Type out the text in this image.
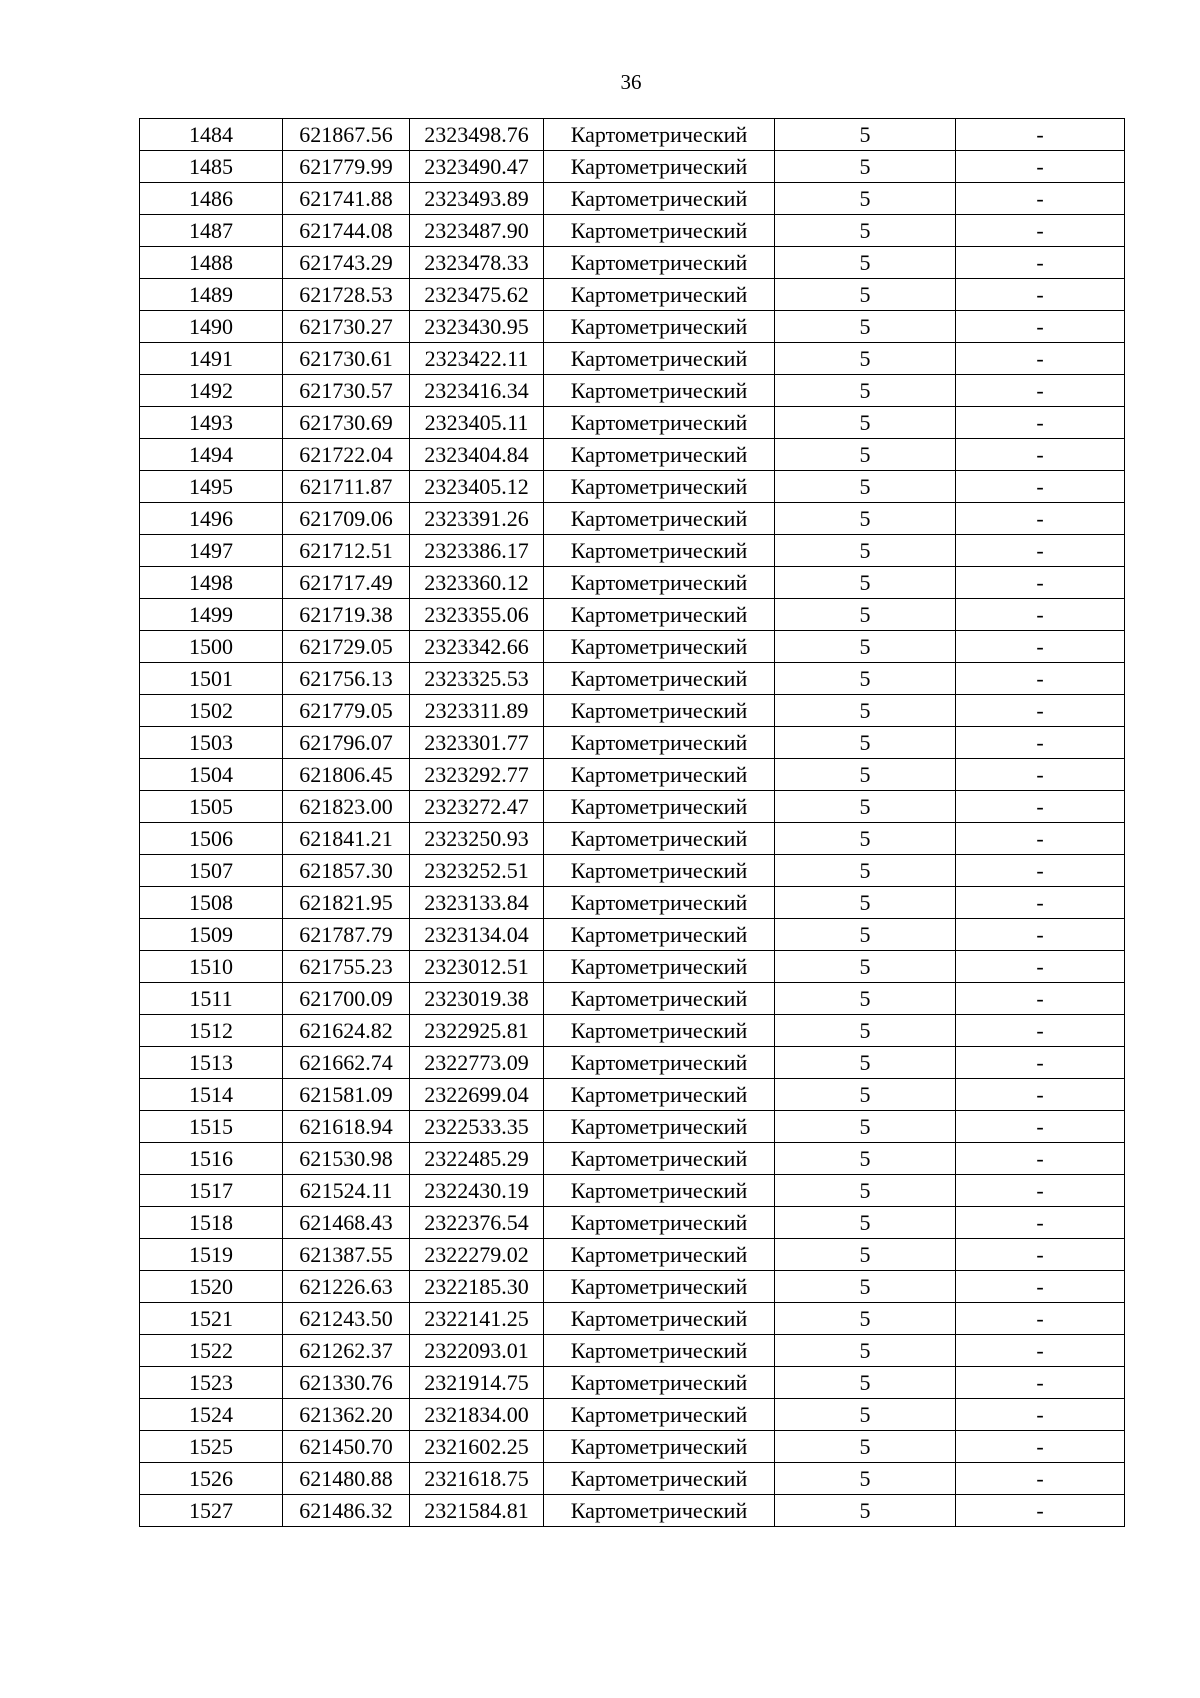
36
1484	621867.56	2323498.76	Картометрический	5	-
1485	621779.99	2323490.47	Картометрический	5	-
1486	621741.88	2323493.89	Картометрический	5	-
1487	621744.08	2323487.90	Картометрический	5	-
1488	621743.29	2323478.33	Картометрический	5	-
1489	621728.53	2323475.62	Картометрический	5	-
1490	621730.27	2323430.95	Картометрический	5	-
1491	621730.61	2323422.11	Картометрический	5	-
1492	621730.57	2323416.34	Картометрический	5	-
1493	621730.69	2323405.11	Картометрический	5	-
1494	621722.04	2323404.84	Картометрический	5	-
1495	621711.87	2323405.12	Картометрический	5	-
1496	621709.06	2323391.26	Картометрический	5	-
1497	621712.51	2323386.17	Картометрический	5	-
1498	621717.49	2323360.12	Картометрический	5	-
1499	621719.38	2323355.06	Картометрический	5	-
1500	621729.05	2323342.66	Картометрический	5	-
1501	621756.13	2323325.53	Картометрический	5	-
1502	621779.05	2323311.89	Картометрический	5	-
1503	621796.07	2323301.77	Картометрический	5	-
1504	621806.45	2323292.77	Картометрический	5	-
1505	621823.00	2323272.47	Картометрический	5	-
1506	621841.21	2323250.93	Картометрический	5	-
1507	621857.30	2323252.51	Картометрический	5	-
1508	621821.95	2323133.84	Картометрический	5	-
1509	621787.79	2323134.04	Картометрический	5	-
1510	621755.23	2323012.51	Картометрический	5	-
1511	621700.09	2323019.38	Картометрический	5	-
1512	621624.82	2322925.81	Картометрический	5	-
1513	621662.74	2322773.09	Картометрический	5	-
1514	621581.09	2322699.04	Картометрический	5	-
1515	621618.94	2322533.35	Картометрический	5	-
1516	621530.98	2322485.29	Картометрический	5	-
1517	621524.11	2322430.19	Картометрический	5	-
1518	621468.43	2322376.54	Картометрический	5	-
1519	621387.55	2322279.02	Картометрический	5	-
1520	621226.63	2322185.30	Картометрический	5	-
1521	621243.50	2322141.25	Картометрический	5	-
1522	621262.37	2322093.01	Картометрический	5	-
1523	621330.76	2321914.75	Картометрический	5	-
1524	621362.20	2321834.00	Картометрический	5	-
1525	621450.70	2321602.25	Картометрический	5	-
1526	621480.88	2321618.75	Картометрический	5	-
1527	621486.32	2321584.81	Картометрический	5	-
